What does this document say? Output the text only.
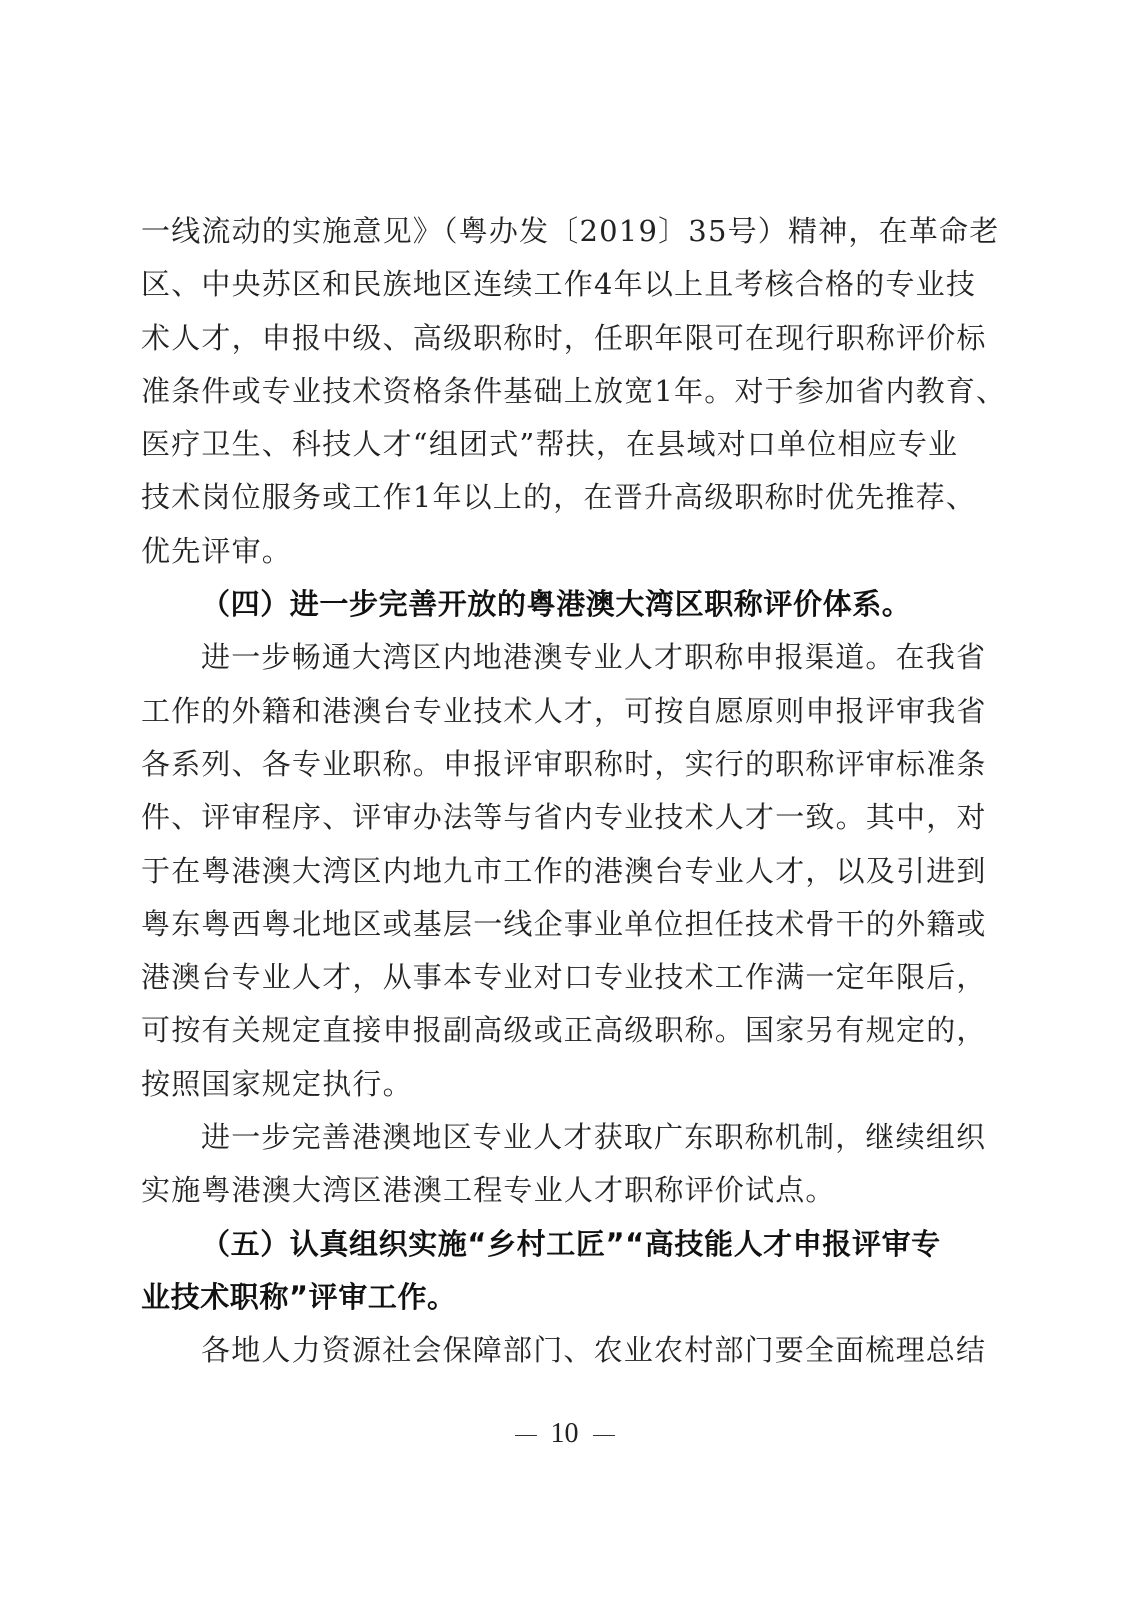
一线流动的实施意见》（粤办发〔2019〕35号）精神，在革命老
区、中央苏区和民族地区连续工作4年以上且考核合格的专业技
术人才，申报中级、高级职称时，任职年限可在现行职称评价标
准条件或专业技术资格条件基础上放宽1年。对于参加省内教育、
医疗卫生、科技人才“组团式”帮扶，在县域对口单位相应专业
技术岗位服务或工作1年以上的，在晋升高级职称时优先推荐、
优先评审。
（四）进一步完善开放的粤港澳大湾区职称评价体系。
进一步畅通大湾区内地港澳专业人才职称申报渠道。在我省
工作的外籍和港澳台专业技术人才，可按自愿原则申报评审我省
各系列、各专业职称。申报评审职称时，实行的职称评审标准条
件、评审程序、评审办法等与省内专业技术人才一致。其中，对
于在粤港澳大湾区内地九市工作的港澳台专业人才，以及引进到
粤东粤西粤北地区或基层一线企事业单位担任技术骨干的外籍或
港澳台专业人才，从事本专业对口专业技术工作满一定年限后，
可按有关规定直接申报副高级或正高级职称。国家另有规定的，
按照国家规定执行。
进一步完善港澳地区专业人才获取广东职称机制，继续组织
实施粤港澳大湾区港澳工程专业人才职称评价试点。
（五）认真组织实施“乡村工匠”“高技能人才申报评审专
业技术职称”评审工作。
各地人力资源社会保障部门、农业农村部门要全面梳理总结
10
